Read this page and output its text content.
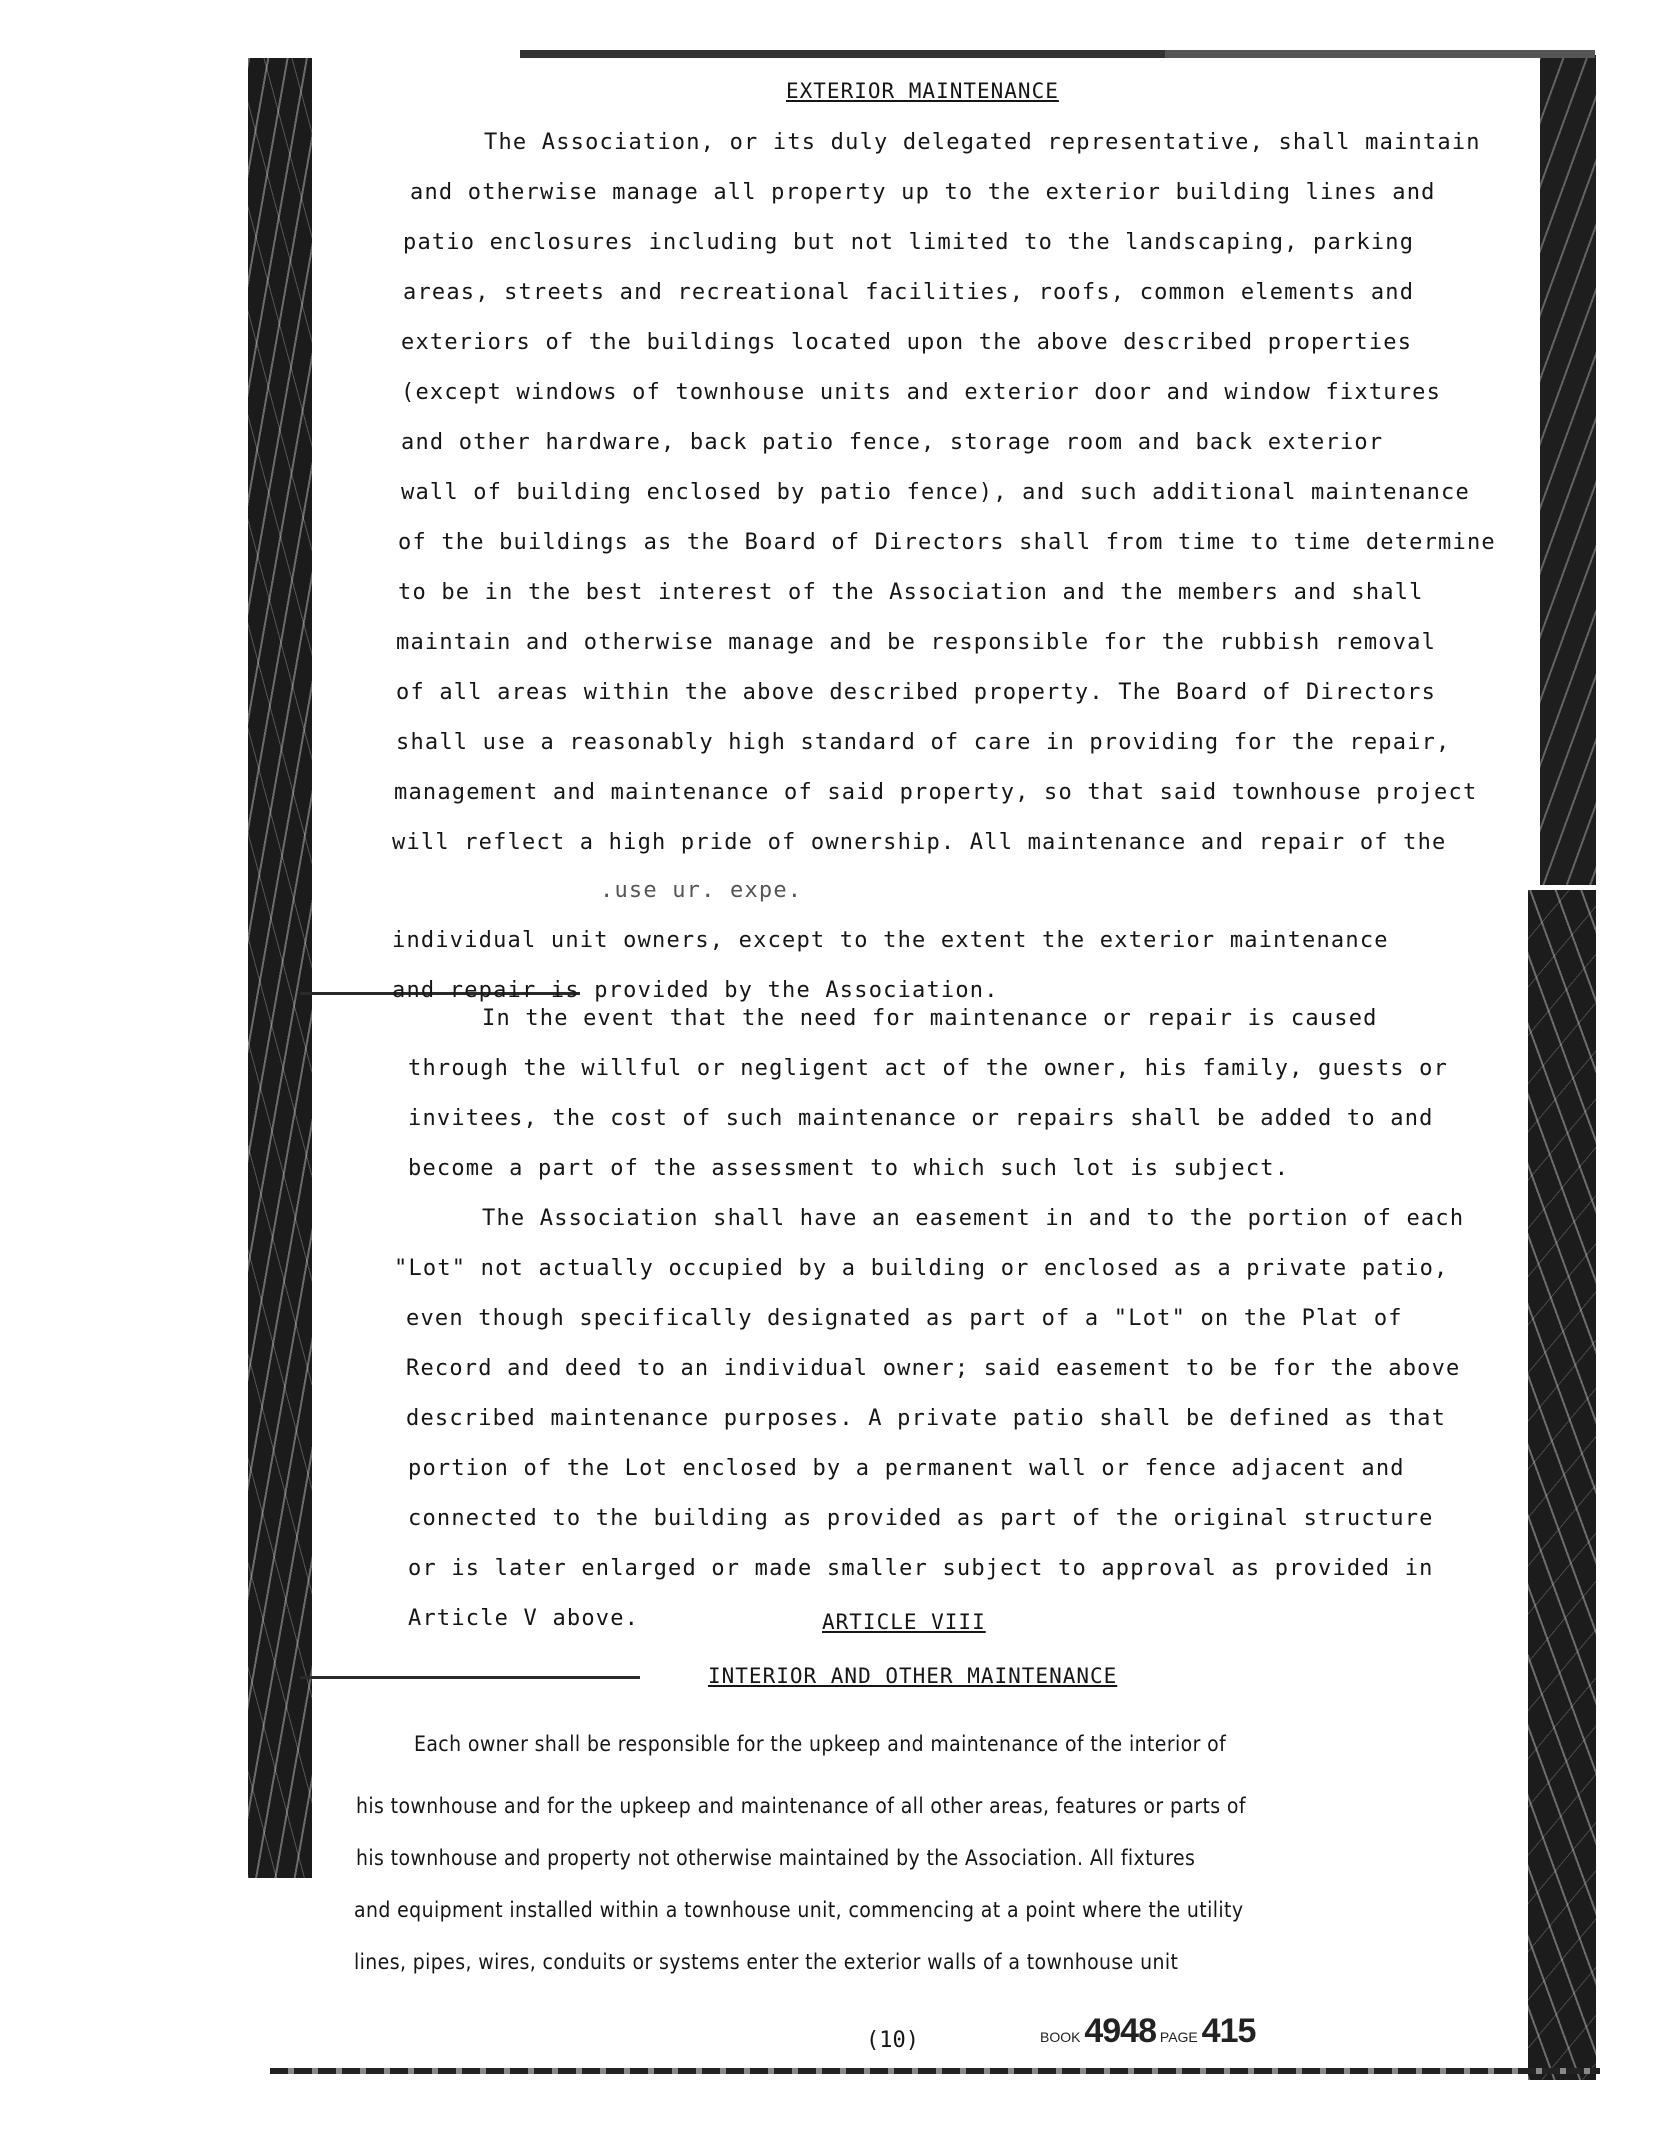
EXTERIOR MAINTENANCE
The Association, or its duly delegated representative, shall maintain
and otherwise manage all property up to the exterior building lines and
patio enclosures including but not limited to the landscaping, parking
areas, streets and recreational facilities, roofs, common elements and
exteriors of the buildings located upon the above described properties
(except windows of townhouse units and exterior door and window fixtures
and other hardware, back patio fence, storage room and back exterior
wall of building enclosed by patio fence), and such additional maintenance
of the buildings as the Board of Directors shall from time to time determine
to be in the best interest of the Association and the members and shall
maintain and otherwise manage and be responsible for the rubbish removal
of all areas within the above described property. The Board of Directors
shall use a reasonably high standard of care in providing for the repair,
management and maintenance of said property, so that said townhouse project
will reflect a high pride of ownership. All maintenance and repair of the
.use ur. expe.
individual unit owners, except to the extent the exterior maintenance
and repair is provided by the Association.
In the event that the need for maintenance or repair is caused
through the willful or negligent act of the owner, his family, guests or
invitees, the cost of such maintenance or repairs shall be added to and
become a part of the assessment to which such lot is subject.
The Association shall have an easement in and to the portion of each
"Lot" not actually occupied by a building or enclosed as a private patio,
even though specifically designated as part of a "Lot" on the Plat of
Record and deed to an individual owner; said easement to be for the above
described maintenance purposes. A private patio shall be defined as that
portion of the Lot enclosed by a permanent wall or fence adjacent and
connected to the building as provided as part of the original structure
or is later enlarged or made smaller subject to approval as provided in
Article V above.	ARTICLE VIII
INTERIOR AND OTHER MAINTENANCE
Each owner shall be responsible for the upkeep and maintenance of the interior of
his townhouse and for the upkeep and maintenance of all other areas, features or parts of
his townhouse and property not otherwise maintained by the Association. All fixtures
and equipment installed within a townhouse unit, commencing at a point where the utility
lines, pipes, wires, conduits or systems enter the exterior walls of a townhouse unit
(10)	BOOK 4948 PAGE 415
